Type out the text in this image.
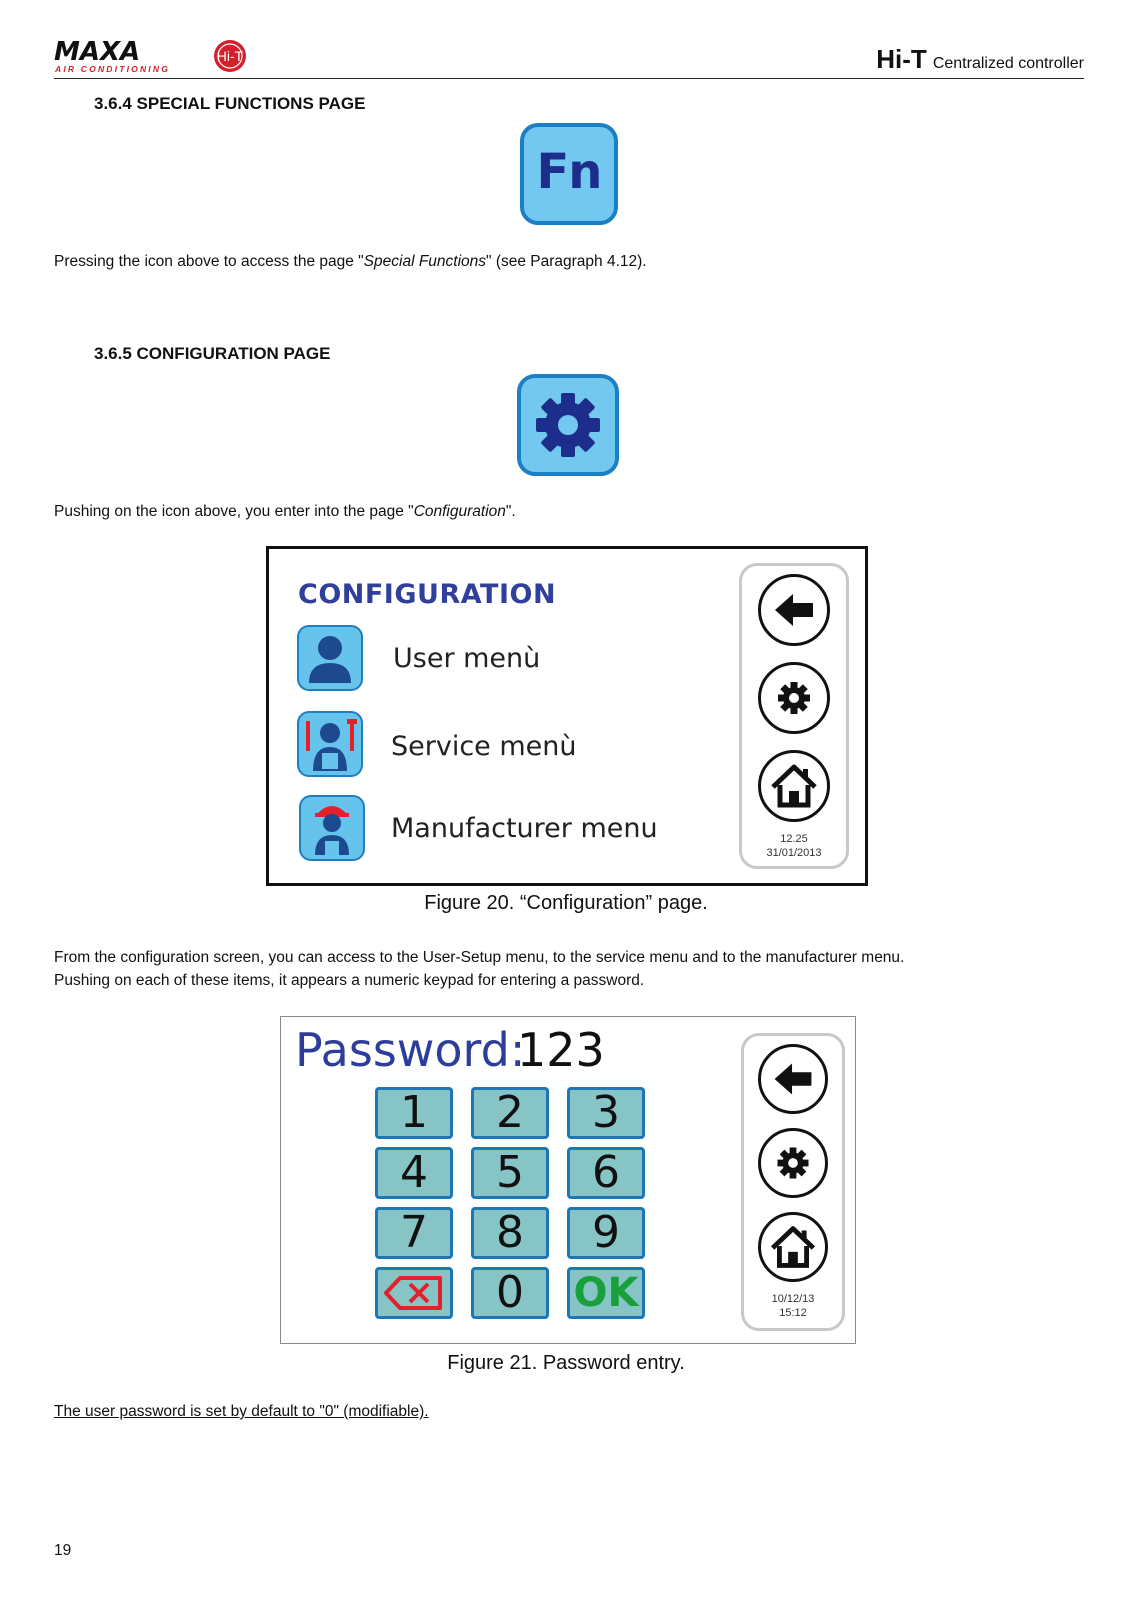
MAXA
AIR CONDITIONING
Hi-T	Hi-T Centralized controller
3.6.4 SPECIAL FUNCTIONS PAGE
Fn
Pressing the icon above to access the page "Special Functions" (see Paragraph 4.12).
3.6.5 CONFIGURATION PAGE
Pushing on the icon above, you enter into the page "Configuration".
CONFIGURATION
User menù
Service menù
Manufacturer menu	12.25
31/01/2013
Figure 20. “Configuration” page.
From the configuration screen, you can access to the User-Setup menu, to the service menu and to the manufacturer menu.
Pushing on each of these items, it appears a numeric keypad for entering a password.
Password:
123
1	2	3
4	5	6
7	8	9
0	OK	10/12/13
15:12
Figure 21. Password entry.
The user password is set by default to "0" (modifiable).
19
